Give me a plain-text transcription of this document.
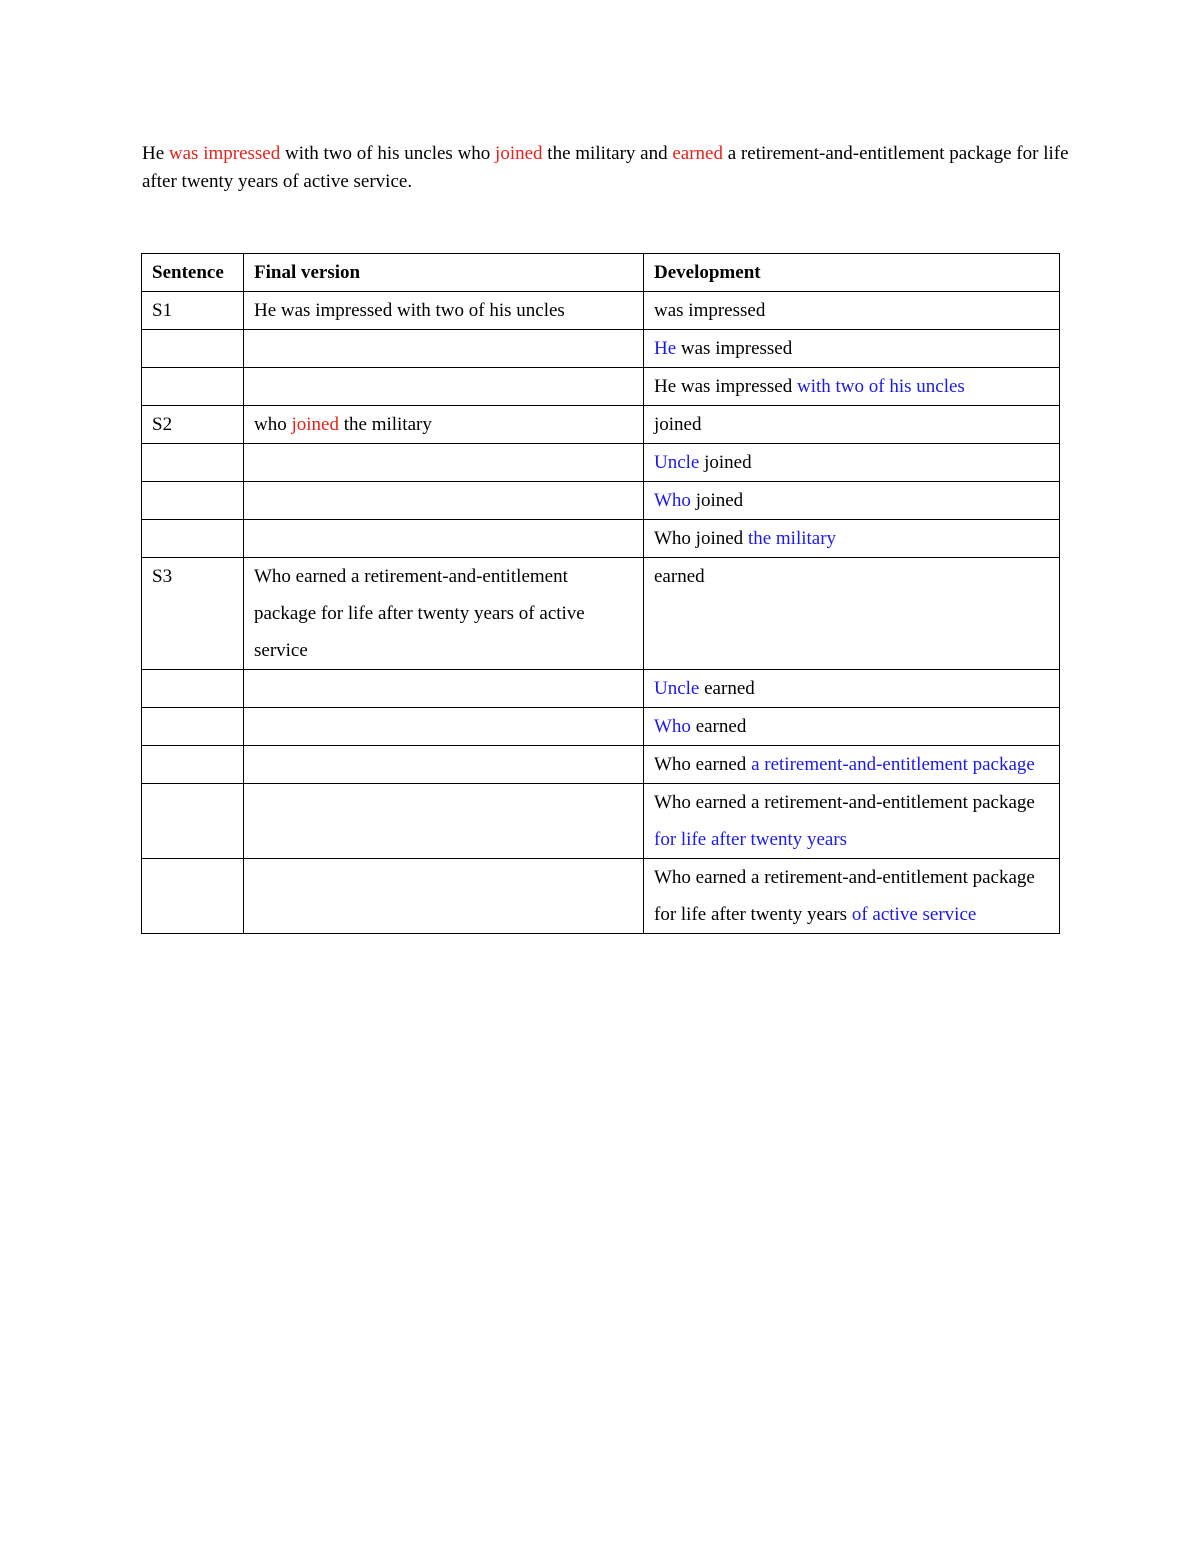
He was impressed with two of his uncles who joined the military and earned a retirement-and-entitlement package for life after twenty years of active service.

Sentence	Final version	Development
S1	He was impressed with two of his uncles	was impressed
		He was impressed
		He was impressed with two of his uncles
S2	who joined the military	joined
		Uncle joined
		Who joined
		Who joined the military
S3	Who earned a retirement-and-entitlement package for life after twenty years of active service	earned
		Uncle earned
		Who earned
		Who earned a retirement-and-entitlement package
		Who earned a retirement-and-entitlement package for life after twenty years
		Who earned a retirement-and-entitlement package for life after twenty years of active service
